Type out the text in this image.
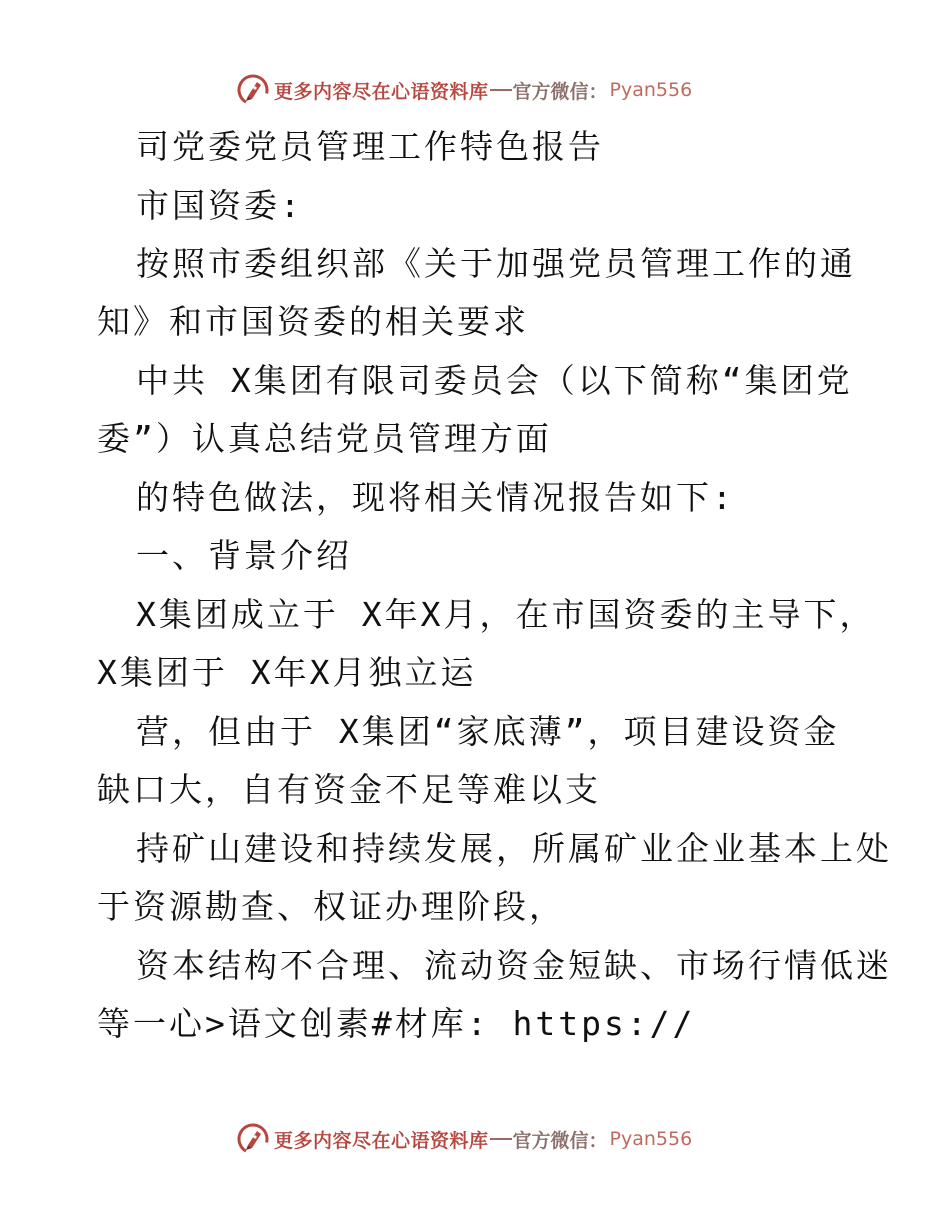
更多内容尽在心语资料库 官方微信： Pyan556
司党委党员管理工作特色报告
市国资委:
按照市委组织部《关于加强党员管理工作的通
知》和市国资委的相关要求
中共 X集团有限司委员会（以下简称“集团党
委”）认真总结党员管理方面
的特色做法，现将相关情况报告如下:
一、背景介绍
X集团成立于 X年X月，在市国资委的主导下，
X集团于 X年X月独立运
营，但由于 X集团“家底薄”，项目建设资金
缺口大，自有资金不足等难以支
持矿山建设和持续发展，所属矿业企业基本上处
于资源勘查、权证办理阶段，
资本结构不合理、流动资金短缺、市场行情低迷
等一心>语文创素#材库: https://
更多内容尽在心语资料库 官方微信： Pyan556
